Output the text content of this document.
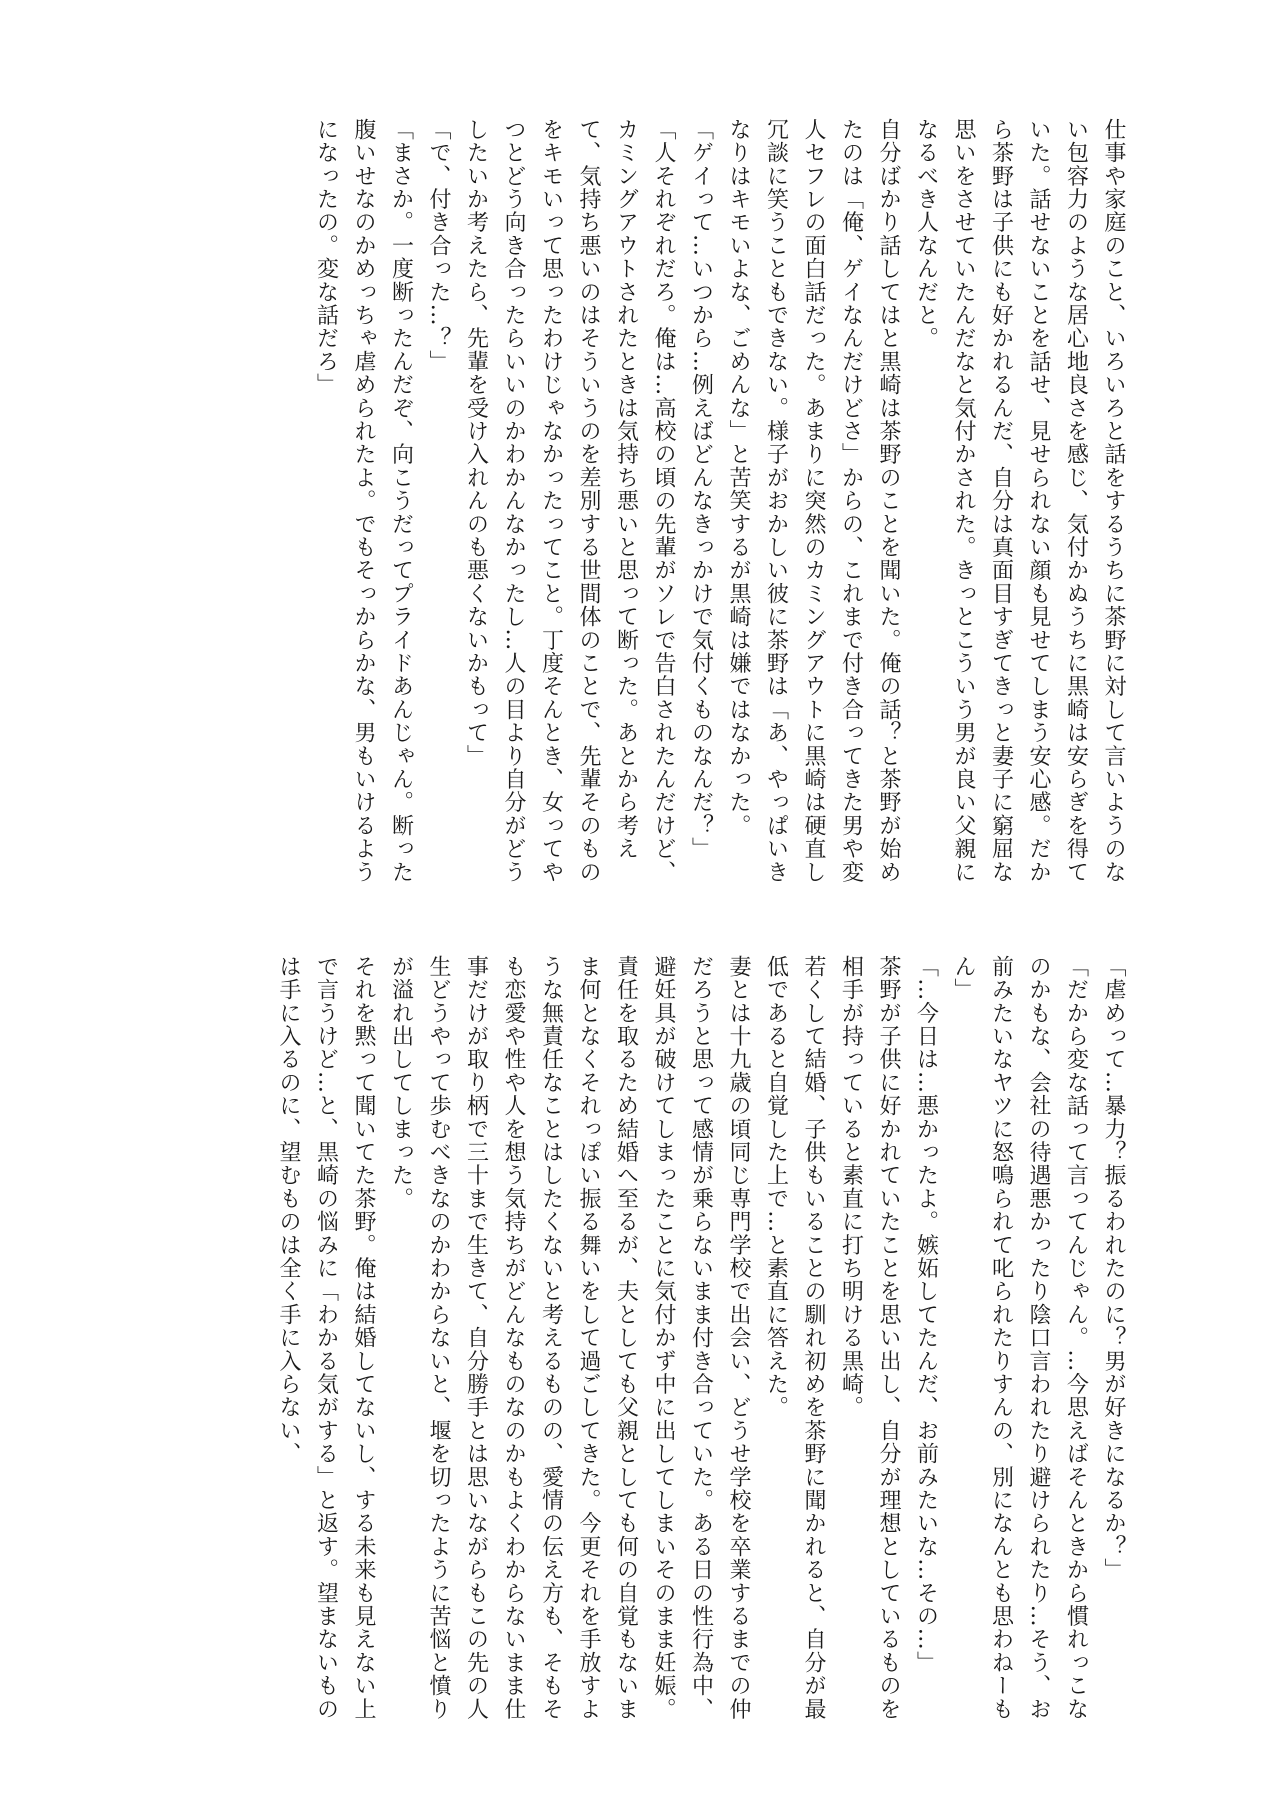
仕事や家庭のこと、いろいろと話をするうちに茶野に対して言いようのない包容力のような居心地良さを感じ、気付かぬうちに黒崎は安らぎを得ていた。話せないことを話せ、見せられない顔も見せてしまう安心感。だから茶野は子供にも好かれるんだ、自分は真面目すぎてきっと妻子に窮屈な思いをさせていたんだなと気付かされた。きっとこういう男が良い父親になるべき人なんだと。

自分ばかり話してはと黒崎は茶野のことを聞いた。俺の話？と茶野が始めたのは「俺、ゲイなんだけどさ」からの、これまで付き合ってきた男や変人セフレの面白話だった。あまりに突然のカミングアウトに黒崎は硬直し冗談に笑うこともできない。様子がおかしい彼に茶野は「あ、やっぱいきなりはキモいよな、ごめんな」と苦笑するが黒崎は嫌ではなかった。

「ゲイって…いつから…例えばどんなきっかけで気付くものなんだ？」

「人それぞれだろ。俺は…高校の頃の先輩がソレで告白されたんだけど、カミングアウトされたときは気持ち悪いと思って断った。あとから考えて、気持ち悪いのはそういうのを差別する世間体のことで、先輩そのものをキモいって思ったわけじゃなかったってこと。丁度そんとき、女ってやつとどう向き合ったらいいのかわかんなかったし…人の目より自分がどうしたいか考えたら、先輩を受け入れんのも悪くないかもって」

「で、付き合った…？」

「まさか。一度断ったんだぞ、向こうだってプライドあんじゃん。断った腹いせなのかめっちゃ虐められたよ。でもそっからかな、男もいけるようになったの。変な話だろ」

「虐めって…暴力？振るわれたのに？男が好きになるか？」

「だから変な話って言ってんじゃん。…今思えばそんときから慣れっこなのかもな、会社の待遇悪かったり陰口言われたり避けられたり…そう、お前みたいなヤツに怒鳴られて叱られたりすんの、別になんとも思わねーもん」

「…今日は…悪かったよ。嫉妬してたんだ、お前みたいな…その…」

茶野が子供に好かれていたことを思い出し、自分が理想としているものを相手が持っていると素直に打ち明ける黒崎。

若くして結婚、子供もいることの馴れ初めを茶野に聞かれると、自分が最低であると自覚した上で…と素直に答えた。

妻とは十九歳の頃同じ専門学校で出会い、どうせ学校を卒業するまでの仲だろうと思って感情が乗らないまま付き合っていた。ある日の性行為中、避妊具が破けてしまったことに気付かず中に出してしまいそのまま妊娠。責任を取るため結婚へ至るが、夫としても父親としても何の自覚もないまま何となくそれっぽい振る舞いをして過ごしてきた。今更それを手放すような無責任なことはしたくないと考えるものの、愛情の伝え方も、そもそも恋愛や性や人を想う気持ちがどんなものなのかもよくわからないまま仕事だけが取り柄で三十まで生きて、自分勝手とは思いながらもこの先の人生どうやって歩むべきなのかわからないと、堰を切ったように苦悩と憤りが溢れ出してしまった。

それを黙って聞いてた茶野。俺は結婚してないし、する未来も見えない上で言うけど…と、黒崎の悩みに「わかる気がする」と返す。望まないものは手に入るのに、望むものは全く手に入らない、
